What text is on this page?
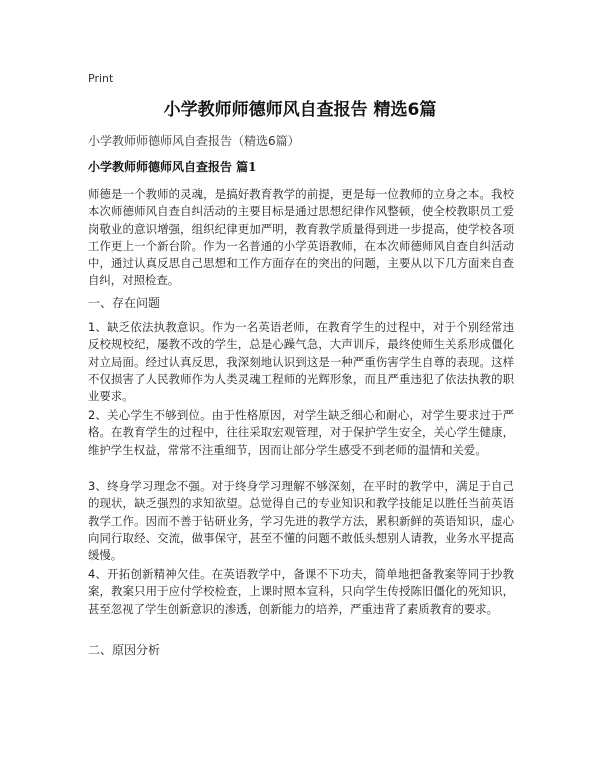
Print
小学教师师德师风自查报告 精选6篇
小学教师师德师风自查报告（精选6篇）
小学教师师德师风自查报告 篇1
师德是一个教师的灵魂，是搞好教育教学的前提，更是每一位教师的立身之本。我校本次师德师风自查自纠活动的主要目标是通过思想纪律作风整顿，使全校教职员工爱岗敬业的意识增强，组织纪律更加严明，教育教学质量得到进一步提高，使学校各项工作更上一个新台阶。作为一名普通的小学英语教师，在本次师德师风自查自纠活动中，通过认真反思自己思想和工作方面存在的突出的问题，主要从以下几方面来自查自纠，对照检查。
一、存在问题
1、缺乏依法执教意识。作为一名英语老师，在教育学生的过程中，对于个别经常违反校规校纪，屡教不改的学生，总是心躁气急，大声训斥，最终使师生关系形成僵化对立局面。经过认真反思，我深刻地认识到这是一种严重伤害学生自尊的表现。这样不仅损害了人民教师作为人类灵魂工程师的光辉形象，而且严重违犯了依法执教的职业要求。
2、关心学生不够到位。由于性格原因，对学生缺乏细心和耐心，对学生要求过于严格。在教育学生的过程中，往往采取宏观管理，对于保护学生安全，关心学生健康，维护学生权益，常常不注重细节，因而让部分学生感受不到老师的温情和关爱。
3、终身学习理念不强。对于终身学习理解不够深刻，在平时的教学中，满足于自己的现状，缺乏强烈的求知欲望。总觉得自己的专业知识和教学技能足以胜任当前英语教学工作。因而不善于钻研业务，学习先进的教学方法，累积新鲜的英语知识，虚心向同行取经、交流，做事保守，甚至不懂的问题不敢低头想别人请教，业务水平提高缓慢。
4、开拓创新精神欠佳。在英语教学中，备课不下功夫，简单地把备教案等同于抄教案，教案只用于应付学校检查，上课时照本宣科，只向学生传授陈旧僵化的死知识，甚至忽视了学生创新意识的渗透，创新能力的培养，严重违背了素质教育的要求。
二、原因分析
